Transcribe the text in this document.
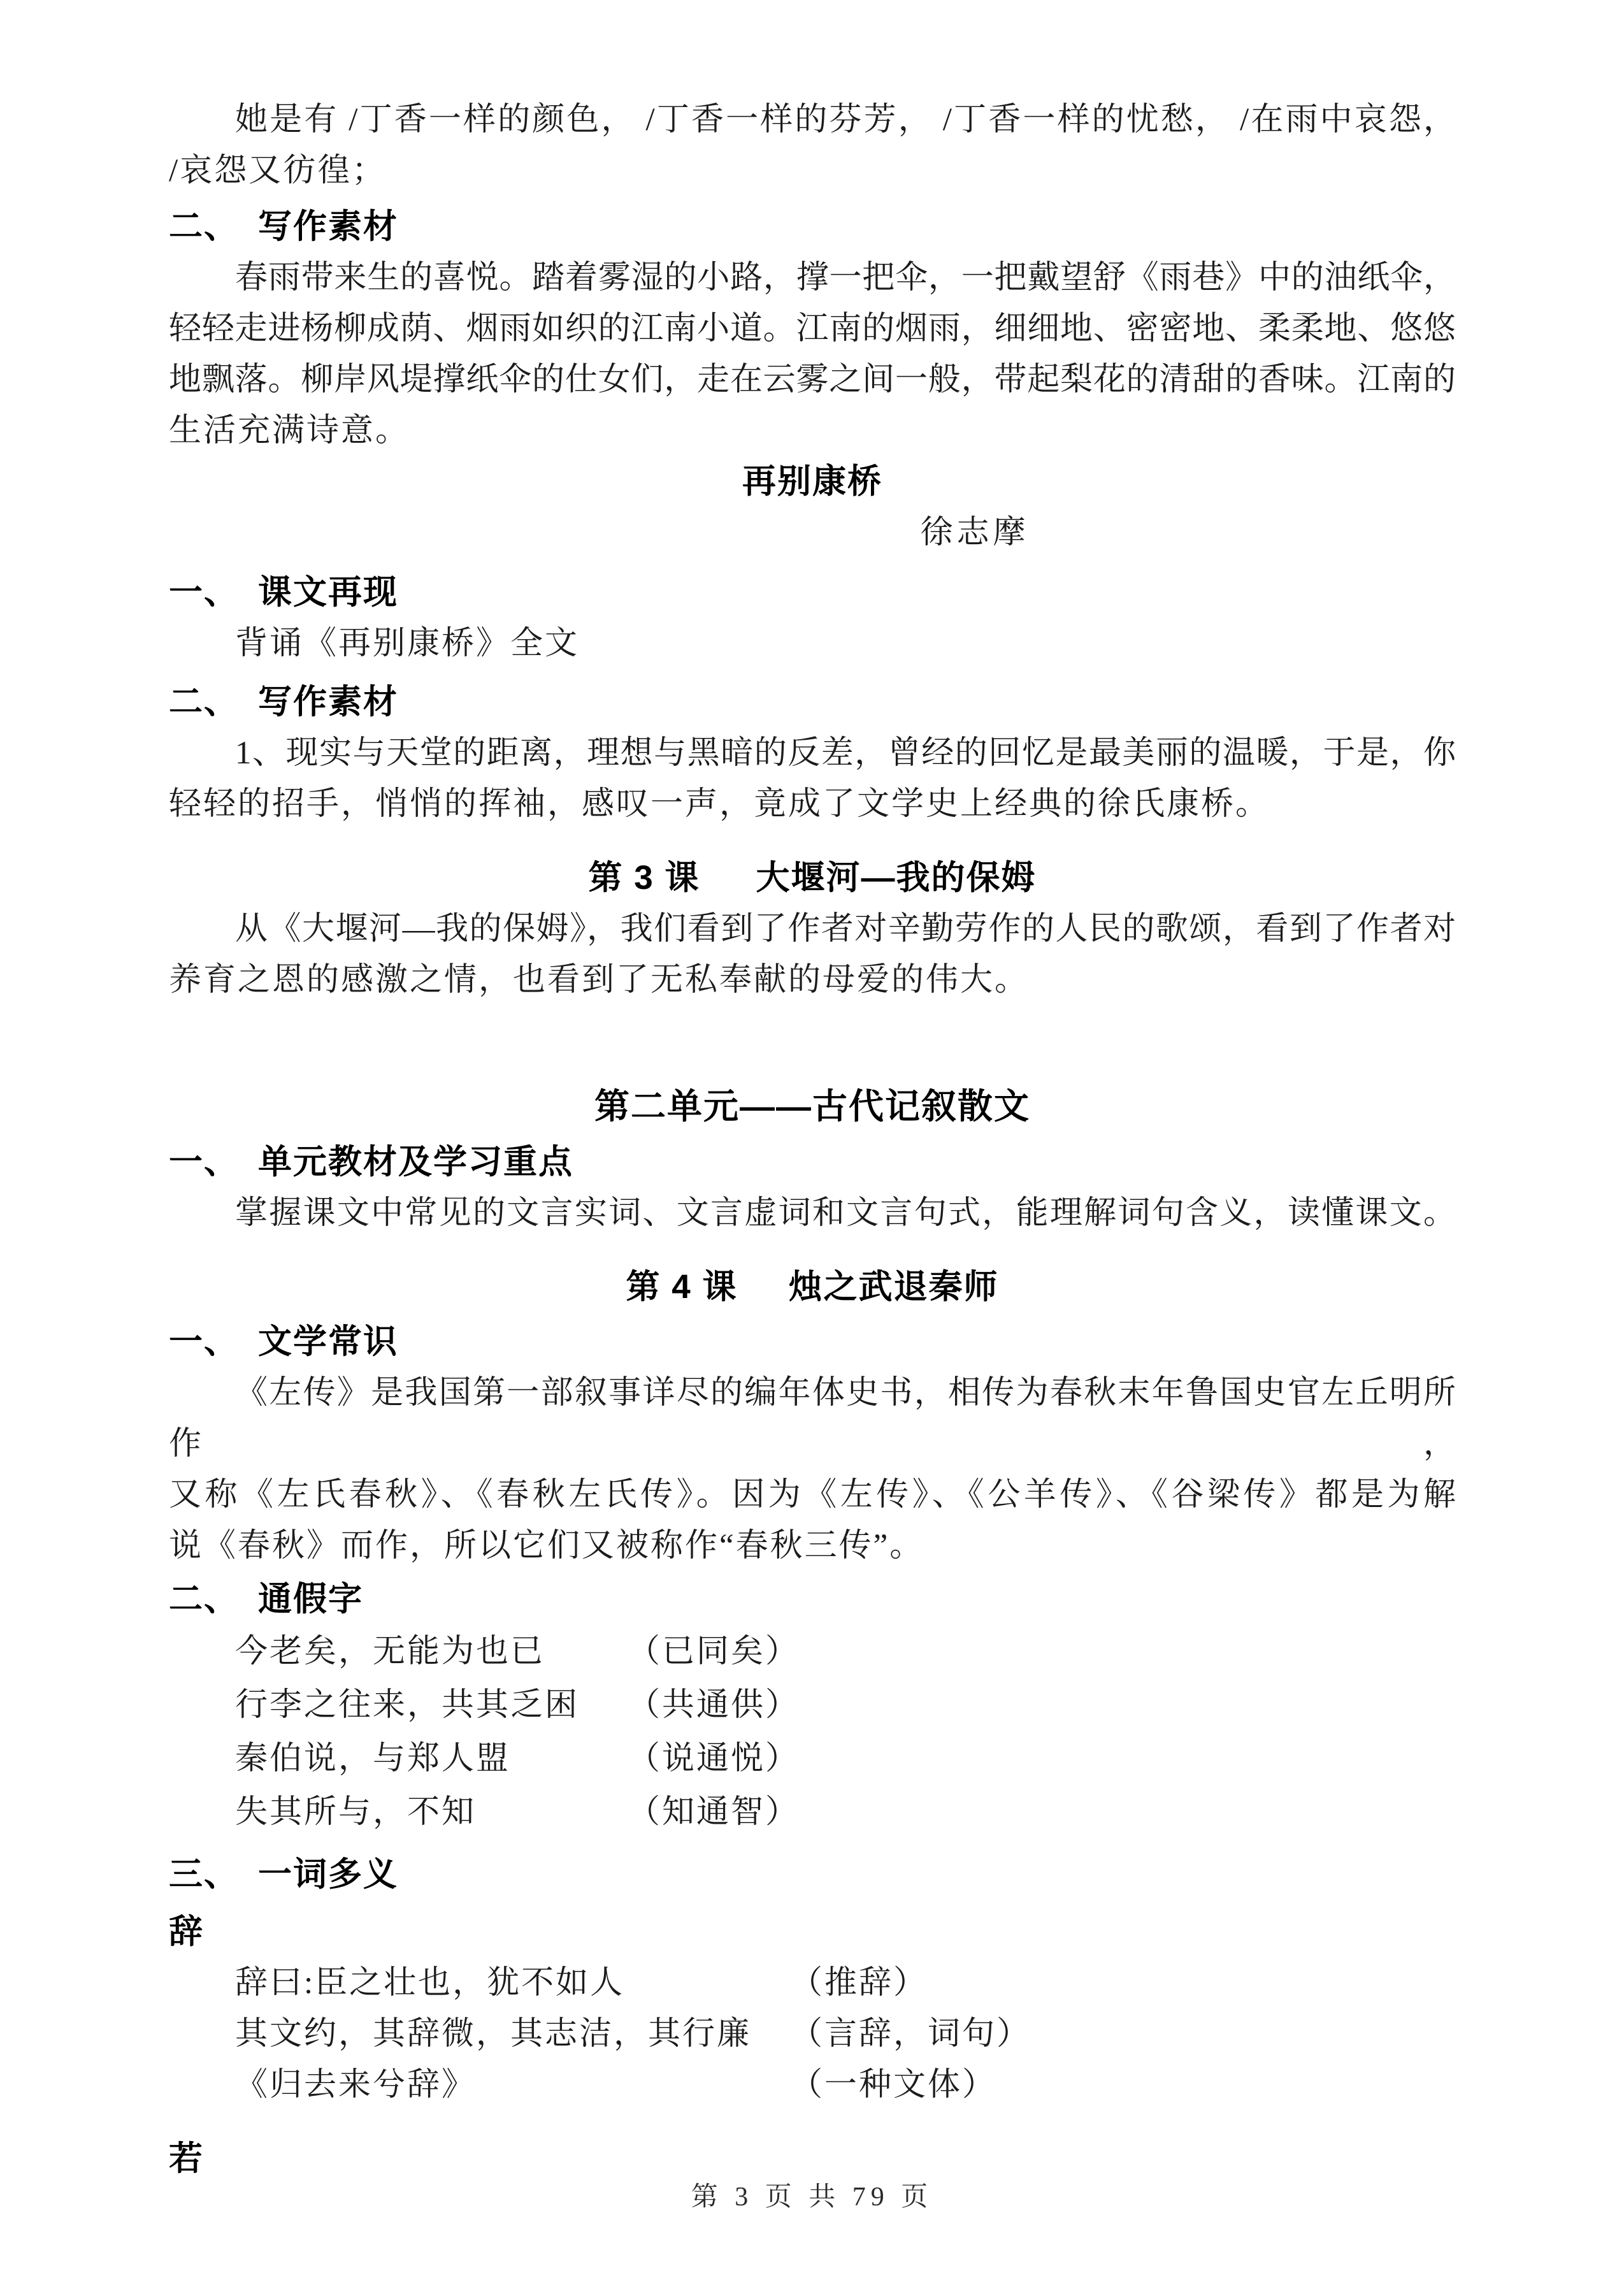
她是有 /丁香一样的颜色， /丁香一样的芬芳， /丁香一样的忧愁， /在雨中哀怨，
/哀怨又彷徨；
二、 写作素材
春雨带来生的喜悦。踏着雾湿的小路，撑一把伞，一把戴望舒《雨巷》中的油纸伞，
轻轻走进杨柳成荫、烟雨如织的江南小道。江南的烟雨，细细地、密密地、柔柔地、悠悠
地飘落。柳岸风堤撑纸伞的仕女们，走在云雾之间一般，带起梨花的清甜的香味。江南的
生活充满诗意。
再别康桥
徐志摩
一、 课文再现
背诵《再别康桥》全文
二、 写作素材
1、现实与天堂的距离，理想与黑暗的反差，曾经的回忆是最美丽的温暖，于是，你
轻轻的招手，悄悄的挥袖，感叹一声，竟成了文学史上经典的徐氏康桥。
第 3 课 大堰河—我的保姆
从《大堰河—我的保姆》，我们看到了作者对辛勤劳作的人民的歌颂，看到了作者对
养育之恩的感激之情，也看到了无私奉献的母爱的伟大。
第二单元——古代记叙散文
一、 单元教材及学习重点
掌握课文中常见的文言实词、文言虚词和文言句式，能理解词句含义，读懂课文。
第 4 课 烛之武退秦师
一、 文学常识
《左传》是我国第一部叙事详尽的编年体史书，相传为春秋末年鲁国史官左丘明所作，
又称《左氏春秋》、《春秋左氏传》。因为《左传》、《公羊传》、《谷梁传》都是为解
说《春秋》而作，所以它们又被称作“春秋三传”。
二、 通假字
今老矣，无能为也已	（已同矣）
行李之往来，共其乏困 （共通供）
秦伯说，与郑人盟	（说通悦）
失其所与，不知	（知通智）
三、 一词多义
辞
辞曰:臣之壮也，犹不如人	（推辞）
其文约，其辞微，其志洁，其行廉 （言辞，词句）
《归去来兮辞》	（一种文体）
若
第 3 页 共 79 页
